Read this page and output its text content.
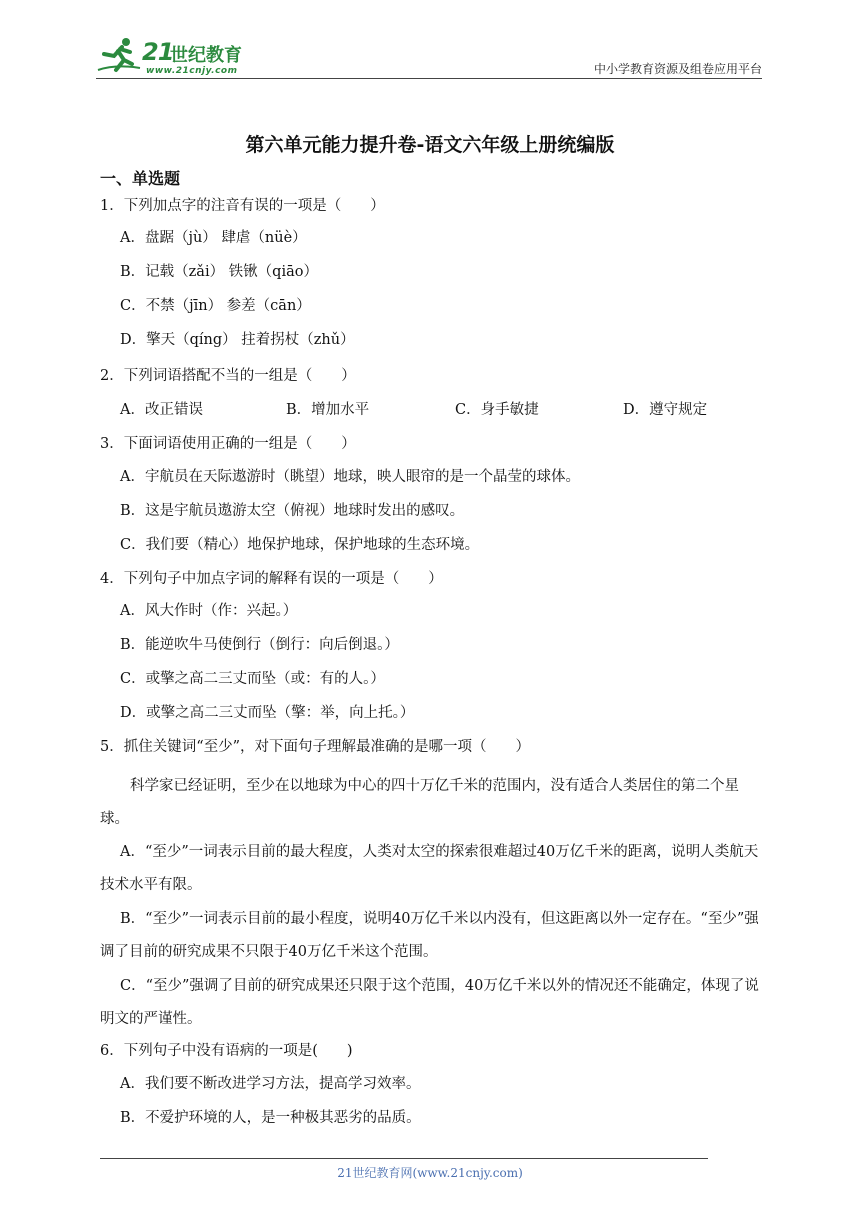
21
世纪教育
www.21cnjy.com	中小学教育资源及组卷应用平台
第六单元能力提升卷-语文六年级上册统编版
一、单选题
1．下列加点字的注音有误的一项是（　　）
A．盘踞（jù） 肆虐（nüè）
B．记载（zǎi） 铁锹（qiāo）
C．不禁（jīn） 参差（cān）
D．擎天（qíng） 拄着拐杖（zhǔ）
2．下列词语搭配不当的一组是（　　）
A．改正错误	B．增加水平	C．身手敏捷	D．遵守规定
3．下面词语使用正确的一组是（　　）
A．宇航员在天际遨游时（眺望）地球，映人眼帘的是一个晶莹的球体。
B．这是宇航员遨游太空（俯视）地球时发出的感叹。
C．我们要（精心）地保护地球，保护地球的生态环境。
4．下列句子中加点字词的解释有误的一项是（　　）
A．风大作时（作：兴起。）
B．能逆吹牛马使倒行（倒行：向后倒退。）
C．或擎之高二三丈而坠（或：有的人。）
D．或擎之高二三丈而坠（擎：举，向上托。）
5．抓住关键词“至少”，对下面句子理解最准确的是哪一项（　　）
科学家已经证明，至少在以地球为中心的四十万亿千米的范围内，没有适合人类居住的第二个星球。
A．“至少”一词表示目前的最大程度，人类对太空的探索很难超过40万亿千米的距离，说明人类航天技术水平有限。
B．“至少”一词表示目前的最小程度，说明40万亿千米以内没有，但这距离以外一定存在。“至少”强调了目前的研究成果不只限于40万亿千米这个范围。
C．“至少”强调了目前的研究成果还只限于这个范围，40万亿千米以外的情况还不能确定，体现了说明文的严谨性。
6．下列句子中没有语病的一项是(　　)
A．我们要不断改进学习方法，提高学习效率。
B．不爱护环境的人，是一种极其恶劣的品质。
21世纪教育网(www.21cnjy.com)
